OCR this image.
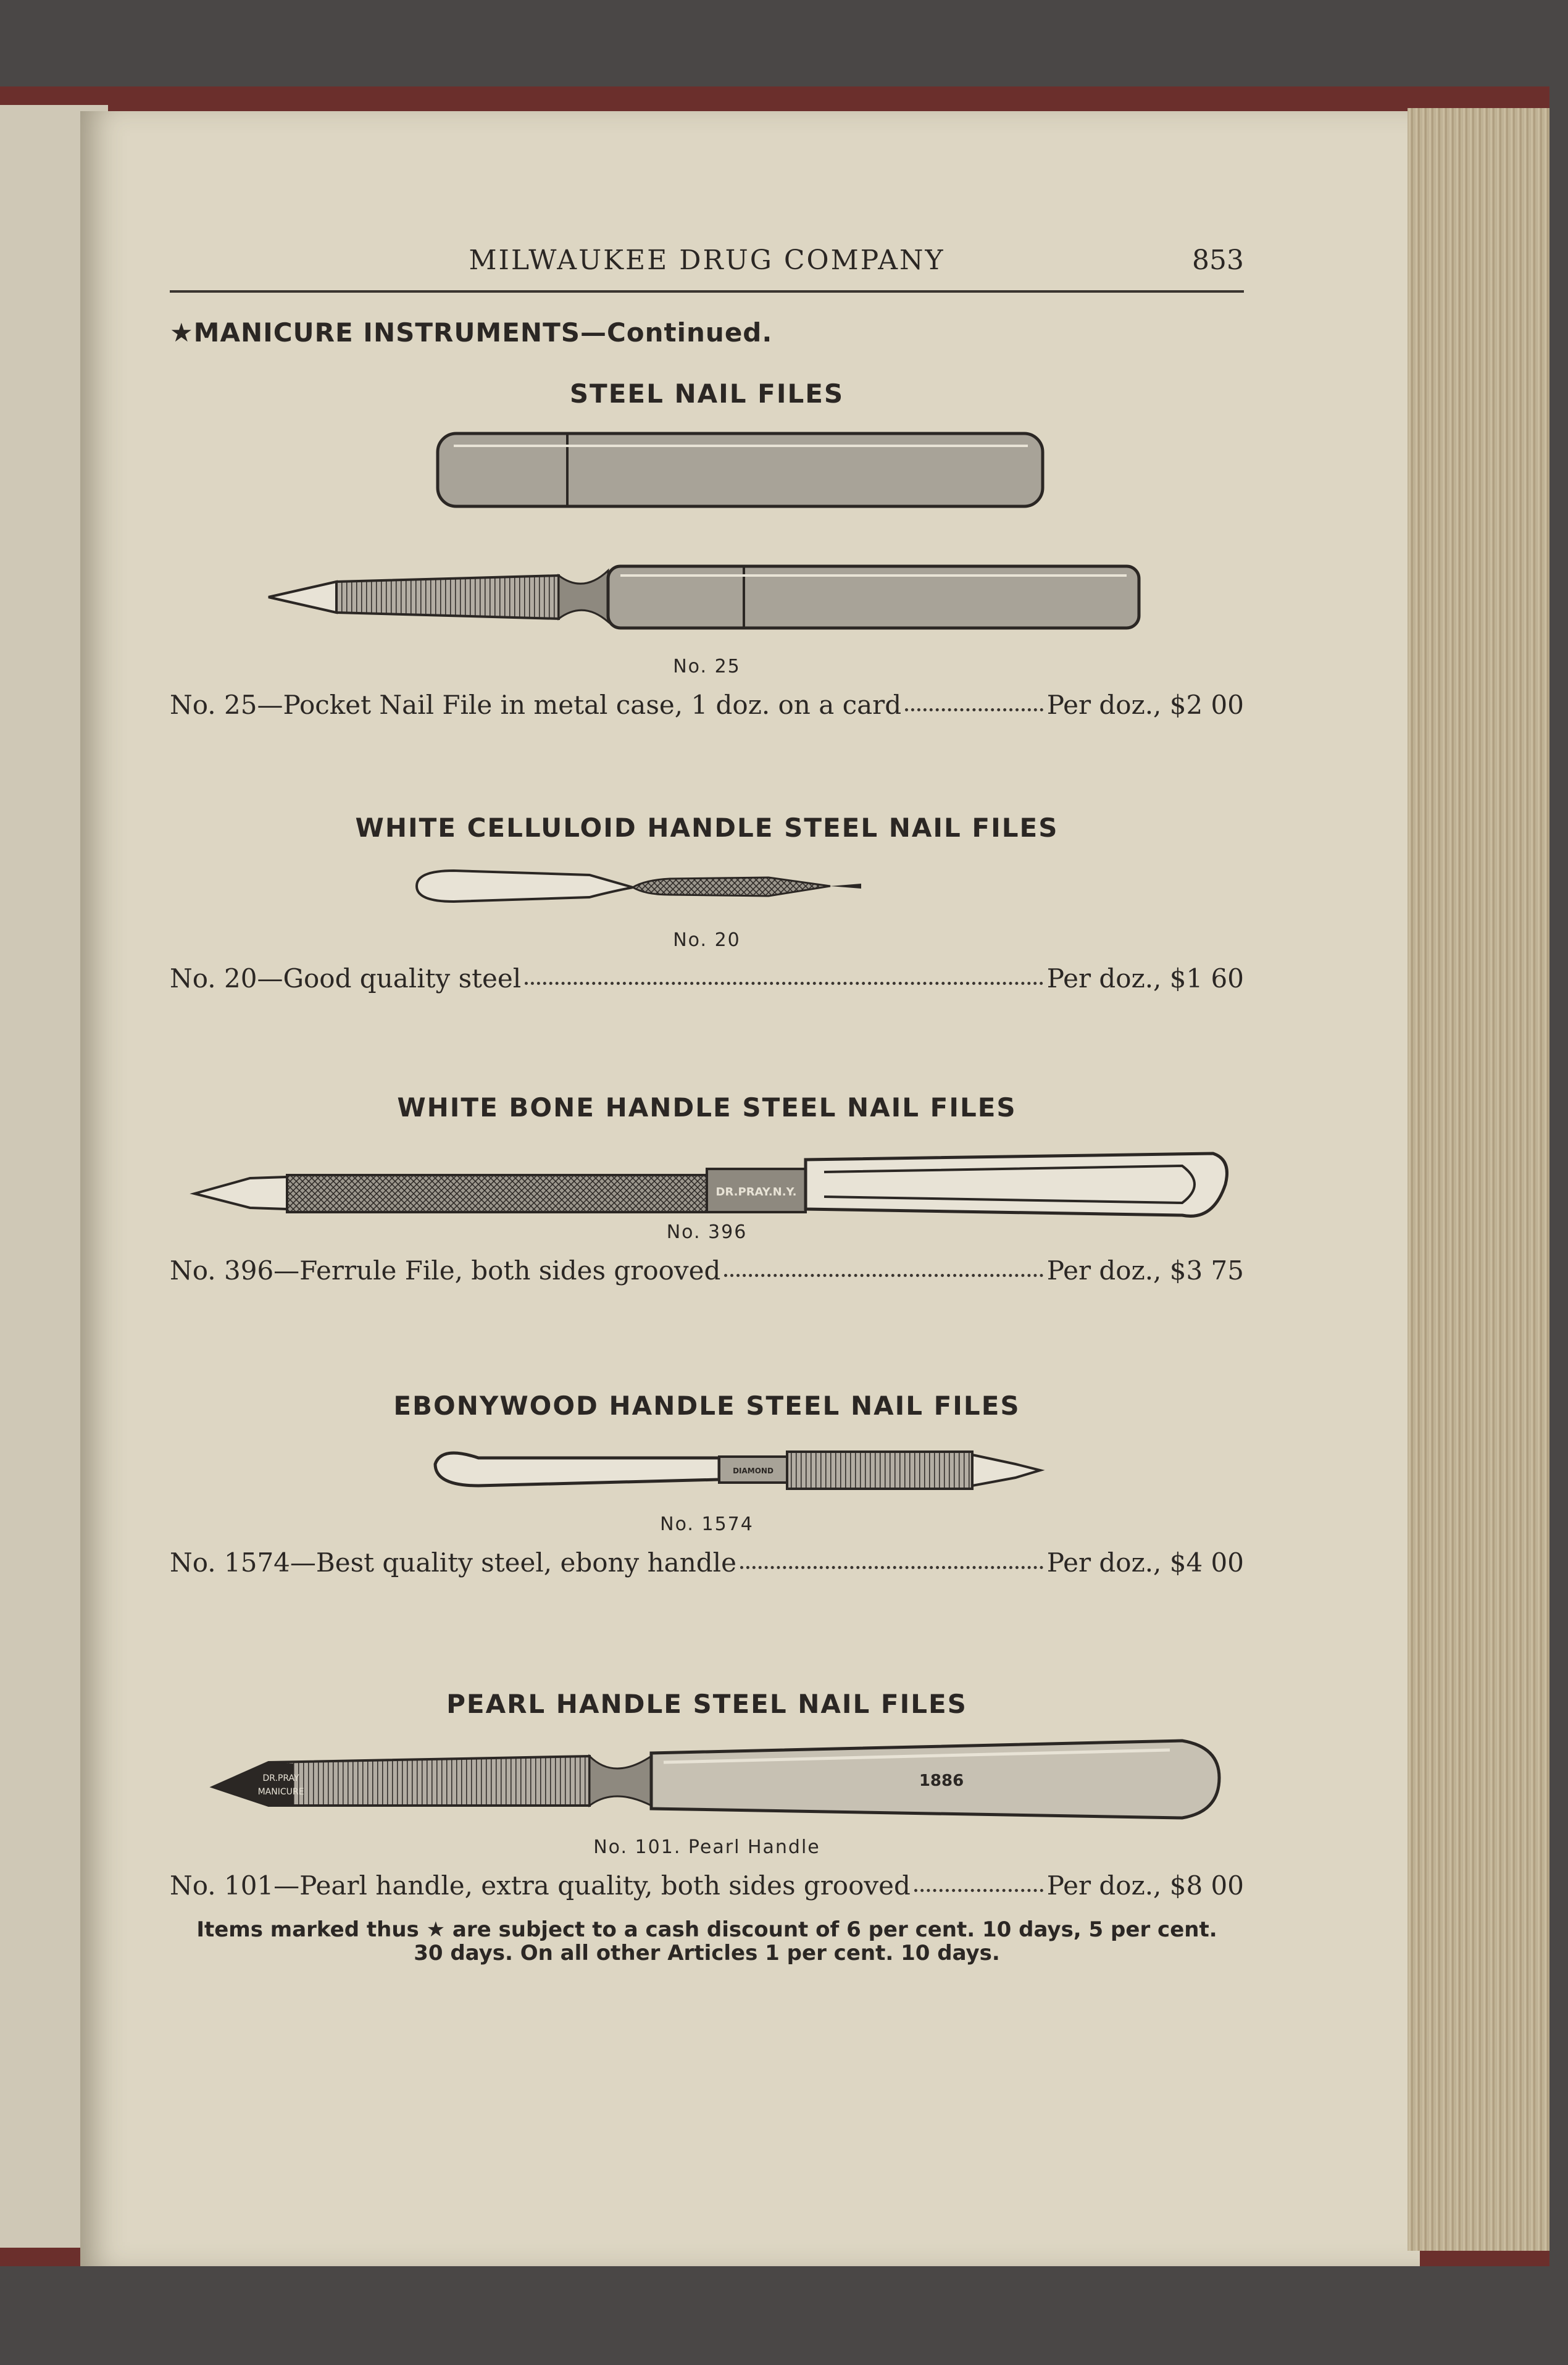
MILWAUKEE DRUG COMPANY	853
★MANICURE INSTRUMENTS—Continued.
STEEL NAIL FILES
No. 25
No. 25—Pocket Nail File in metal case, 1 doz. on a card	Per doz., $2 00
WHITE CELLULOID HANDLE STEEL NAIL FILES
No. 20
No. 20—Good quality steel	Per doz., $1 60
WHITE BONE HANDLE STEEL NAIL FILES
DR.PRAY.N.Y.
No. 396
No. 396—Ferrule File, both sides grooved	Per doz., $3 75
EBONYWOOD HANDLE STEEL NAIL FILES
DIAMOND
No. 1574
No. 1574—Best quality steel, ebony handle	Per doz., $4 00
PEARL HANDLE STEEL NAIL FILES
DR.PRAY
MANICURE
1886
No. 101. Pearl Handle
No. 101—Pearl handle, extra quality, both sides grooved	Per doz., $8 00
Items marked thus ★ are subject to a cash discount of 6 per cent. 10 days, 5 per cent.
30 days. On all other Articles 1 per cent. 10 days.
